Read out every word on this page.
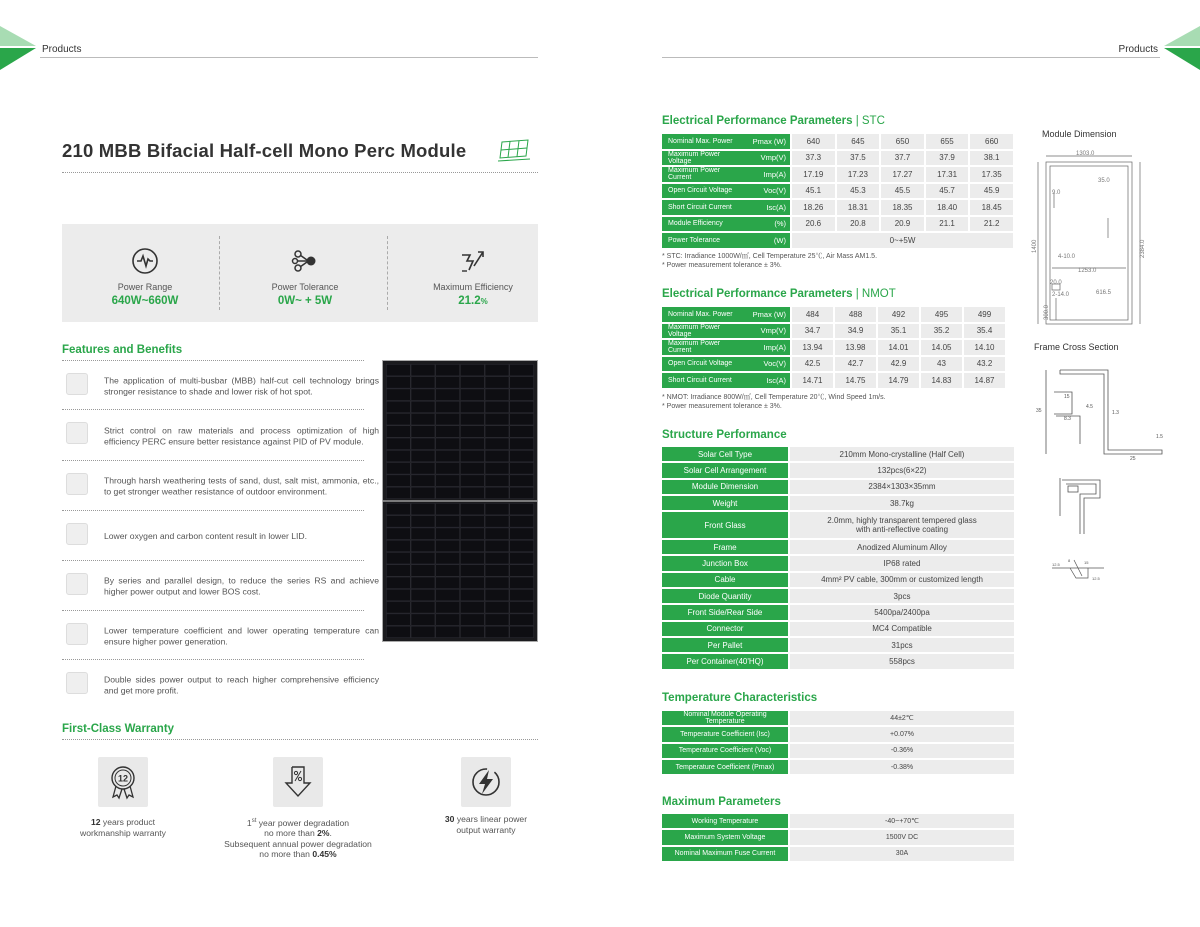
Products	Products
210 MBB Bifacial Half-cell Mono Perc Module
Power Range
640W~660W
Power Tolerance
0W~ + 5W
Maximum Efficiency
21.2%
Features and Benefits
The application of multi-busbar (MBB) half-cut cell technology brings stronger resistance to shade and lower risk of hot spot.
Strict control on raw materials and process optimization of high efficiency PERC ensure better resistance against PID of PV module.
Through harsh weathering tests of sand, dust, salt mist, ammonia, etc., to get stronger weather resistance of outdoor environment.
Lower oxygen and carbon content result in lower LID.
By series and parallel design, to reduce the series RS and achieve higher power output and lower BOS cost.
Lower temperature coefficient and lower operating temperature can ensure higher power generation.
Double sides power output to reach higher comprehensive efficiency and get more profit.
First-Class Warranty
12
12 years product
workmanship warranty
1st year power degradation
no more than 2%.
Subsequent annual power degradation
no more than 0.45%
30 years linear power
output warranty
Electrical Performance Parameters | STC
Nominal Max. Power	Pmax (W)	640	645	650	655	660
Maximum Power Voltage	Vmp(V)	37.3	37.5	37.7	37.9	38.1
Maximum Power Current	Imp(A)	17.19	17.23	17.27	17.31	17.35
Open Circuit Voltage	Voc(V)	45.1	45.3	45.5	45.7	45.9
Short Circuit Current	Isc(A)	18.26	18.31	18.35	18.40	18.45
Module Efficiency	(%)	20.6	20.8	20.9	21.1	21.2
Power Tolerance	(W)	0~+5W				
* STC: Irradiance 1000W/㎡, Cell Temperature 25℃, Air Mass AM1.5.
* Power measurement tolerance ± 3%.
Electrical Performance Parameters | NMOT
Nominal Max. Power	Pmax (W)	484	488	492	495	499
Maximum Power Voltage	Vmp(V)	34.7	34.9	35.1	35.2	35.4
Maximum Power Current	Imp(A)	13.94	13.98	14.01	14.05	14.10
Open Circuit Voltage	Voc(V)	42.5	42.7	42.9	43	43.2
Short Circuit Current	Isc(A)	14.71	14.75	14.79	14.83	14.87
* NMOT: Irradiance 800W/㎡, Cell Temperature 20℃, Wind Speed 1m/s.
* Power measurement tolerance ± 3%.
Structure Performance
Solar Cell Type	210mm Mono-crystalline (Half Cell)

Solar Cell Arrangement	132pcs(6×22)

Module Dimension	2384×1303×35mm

Weight	38.7kg

Front Glass	2.0mm, highly transparent tempered glass
with anti-reflective coating

Frame	Anodized Aluminum Alloy

Junction Box	IP68 rated

Cable	4mm² PV cable, 300mm or customized length

Diode Quantity	3pcs

Front Side/Rear Side	5400pa/2400pa

Connector	MC4 Compatible

Per Pallet	31pcs

Per Container(40'HQ)	558pcs
Temperature Characteristics
Nominal Module Operating Temperature	44±2℃

Temperature Coefficient (Isc)	+0.07%

Temperature Coefficient (Voc)	-0.36%

Temperature Coefficient (Pmax)	-0.38%
Maximum Parameters
Working Temperature	-40~+70℃

Maximum System Voltage	1500V DC

Nominal Maximum Fuse Current	30A
Module Dimension
1303.0
35.0
2384.0
1400
1253.0
616.5
9.0
20.0
300.0
4-10.0
2-14.0
Frame Cross Section
35
15
4.5
1.3
8.3
1.5
25
12.5
8	15
12.5
